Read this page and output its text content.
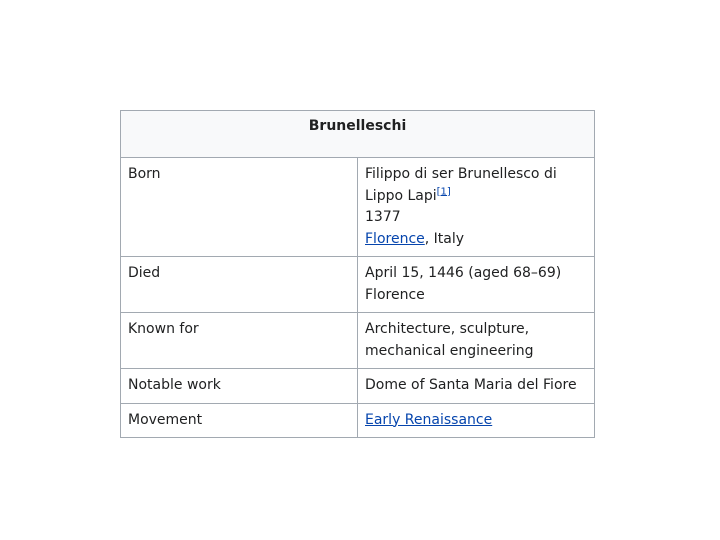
Brunelleschi	
Born	Filippo di ser Brunellesco di
Lippo Lapi[1]
1377
Florence, Italy
Died	April 15, 1446 (aged 68–69)
Florence
Known for	Architecture, sculpture,
mechanical engineering
Notable work	Dome of Santa Maria del Fiore
Movement	Early Renaissance
